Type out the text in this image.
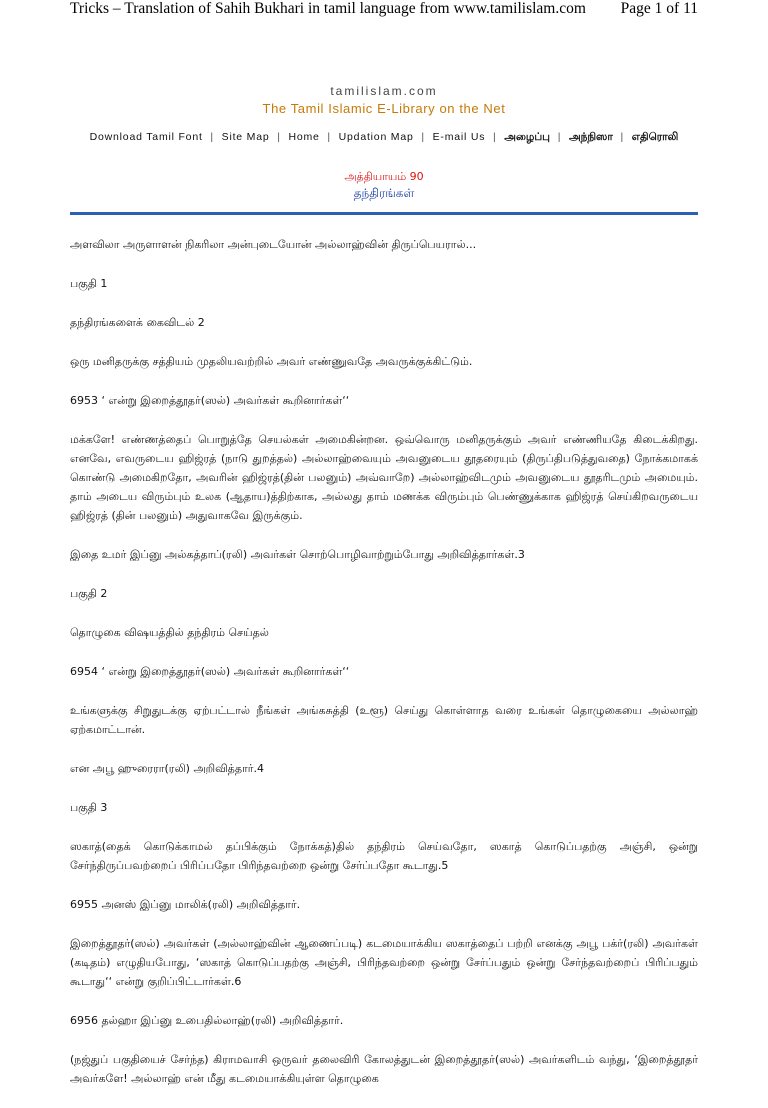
Tricks – Translation of Sahih Bukhari in tamil language from www.tamilislam.com Page 1 of 11
tamilislam.com
The Tamil Islamic E-Library on the Net
Download Tamil Font | Site Map | Home | Updation Map | E-mail Us | அழைப்பு | அந்நிஸா | எதிரொலி
அத்தியாயம் 90
தந்திரங்கள்

அளவிலா அருளாளன் நிகரிலா அன்புடையோன் அல்லாஹ்வின் திருப்பெயரால்...

பகுதி 1

தந்திரங்களைக் கைவிடல் 2

ஒரு மனிதருக்கு சத்தியம் முதலியவற்றில் அவர் எண்ணுவதே அவருக்குக்கிட்டும்.

6953 ‘ என்று இறைத்தூதர்(ஸல்) அவர்கள் கூறினார்கள்‘‘

மக்களே! எண்ணத்தைப் பொறுத்தே செயல்கள் அமைகின்றன. ஒவ்வொரு மனிதருக்கும் அவர் எண்ணியதே கிடைக்கிறது. எனவே, எவருடைய ஹிஜ்ரத் (நாடு துறத்தல்) அல்லாஹ்வையும் அவனுடைய தூதரையும் (திருப்திபடுத்துவதை) நோக்கமாகக் கொண்டு அமைகிறதோ, அவரின் ஹிஜ்ரத்(தின் பலனும்) அவ்வாறே) அல்லாஹ்விடமும் அவனுடைய தூதரிடமும் அமையும். தாம் அடைய விரும்பும் உலக (ஆதாய)த்திற்காக, அல்லது தாம் மணக்க விரும்பும் பெண்ணுக்காக ஹிஜ்ரத் செய்கிறவருடைய ஹிஜ்ரத் (தின் பலனும்) அதுவாகவே இருக்கும்.

இதை உமர் இப்னு அல்கத்தாப்(ரலி) அவர்கள் சொற்பொழிவாற்றும்போது அறிவித்தார்கள்.3

பகுதி 2

தொழுகை விஷயத்தில் தந்திரம் செய்தல்

6954 ‘ என்று இறைத்தூதர்(ஸல்) அவர்கள் கூறினார்கள்‘‘

உங்களுக்கு சிறுதுடக்கு ஏற்பட்டால் நீங்கள் அங்கசுத்தி (உளூ) செய்து கொள்ளாத வரை உங்கள் தொழுகையை அல்லாஹ் ஏற்கமாட்டான்.

என அபூ ஹுரைரா(ரலி) அறிவித்தார்.4

பகுதி 3

ஸகாத்(தைக் கொடுக்காமல் தப்பிக்கும் நோக்கத்)தில் தந்திரம் செய்வதோ, ஸகாத் கொடுப்பதற்கு அஞ்சி, ஒன்று சேர்ந்திருப்பவற்றைப் பிரிப்பதோ பிரிந்தவற்றை ஒன்று சேர்ப்பதோ கூடாது.5

6955 அனஸ் இப்னு மாலிக்(ரலி) அறிவித்தார்.

இறைத்தூதர்(ஸல்) அவர்கள் (அல்லாஹ்வின் ஆணைப்படி) கடமையாக்கிய ஸகாத்தைப் பற்றி எனக்கு அபூ பக்ர்(ரலி) அவர்கள் (கடிதம்) எழுதியபோது, ‘ஸகாத் கொடுப்பதற்கு அஞ்சி, பிரிந்தவற்றை ஒன்று சேர்ப்பதும் ஒன்று சேர்ந்தவற்றைப் பிரிப்பதும் கூடாது‘‘ என்று குறிப்பிட்டார்கள்.6

6956 தல்ஹா இப்னு உபைதில்லாஹ்(ரலி) அறிவித்தார்.

(நஜ்துப் பகுதியைச் சேர்ந்த) கிராமவாசி ஒருவர் தலைவிரி கோலத்துடன் இறைத்தூதர்(ஸல்) அவர்களிடம் வந்து, ‘இறைத்தூதர் அவர்களே! அல்லாஹ் என் மீது கடமையாக்கியுள்ள தொழுகை
